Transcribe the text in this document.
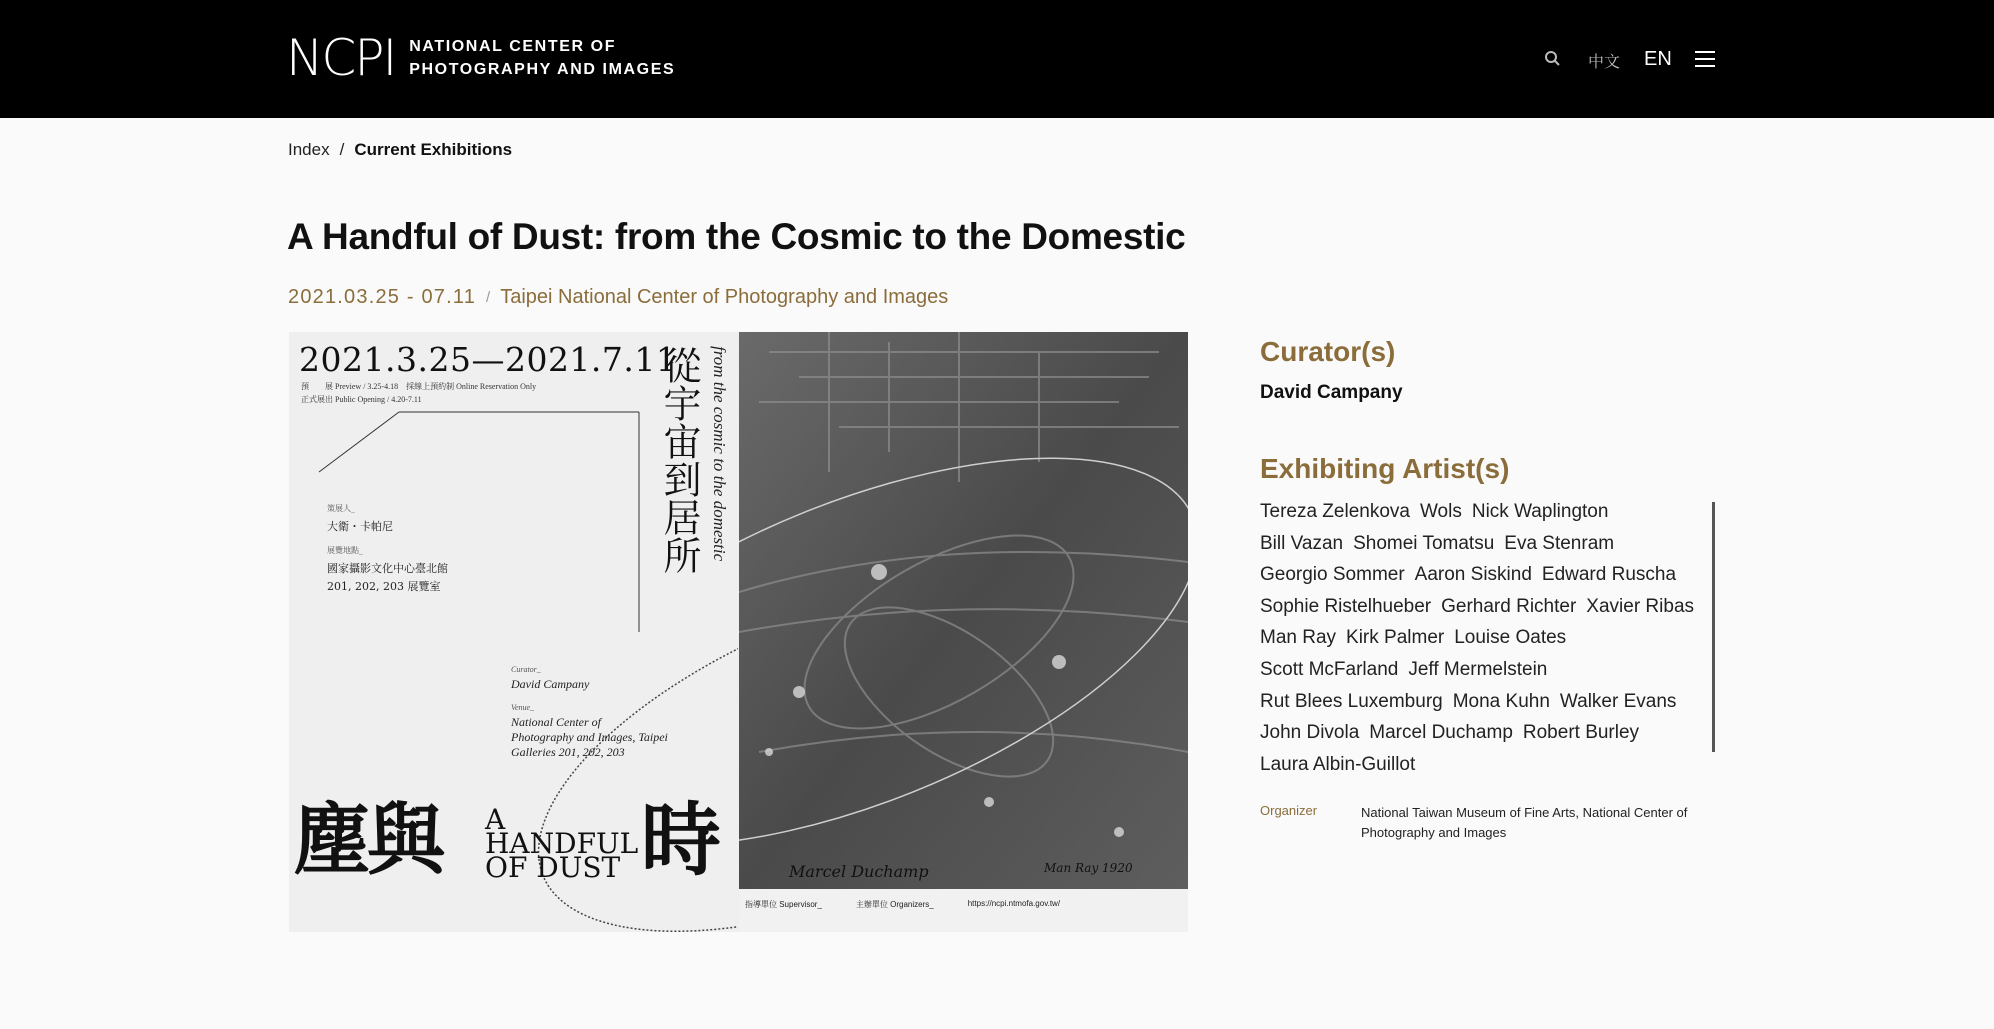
NCPI NATIONAL CENTER OF
PHOTOGRAPHY AND IMAGES	中文 EN
Index / Current Exhibitions
A Handful of Dust: from the Cosmic to the Domestic
2021.03.25 - 07.11 / Taipei National Center of Photography and Images
2021.3.25—2021.7.11
預　　展 Preview / 3.25-4.18　採線上預約制 Online Reservation Only
正式展出 Public Opening / 4.20-7.11	從宇宙到居所 from the cosmic to the domestic
策展人_
大衛・卡帕尼
展覽地點_
國家攝影文化中心臺北館
201, 202, 203 展覽室
Curator_
David Campany
Venue_
National Center of
Photography and Images, Taipei
Galleries 201, 202, 203
塵與 A
HANDFUL
OF DUST 時	Marcel Duchamp	Man Ray 1920
指導單位 Supervisor_	主辦單位 Organizers_	https://ncpi.ntmofa.gov.tw/
Curator(s)
David Campany
Exhibiting Artist(s)
Tereza Zelenkova Wols Nick Waplington
Bill Vazan Shomei Tomatsu Eva Stenram
Georgio Sommer Aaron Siskind Edward Ruscha
Sophie Ristelhueber Gerhard Richter Xavier Ribas
Man Ray Kirk Palmer Louise Oates
Scott McFarland Jeff Mermelstein
Rut Blees Luxemburg Mona Kuhn Walker Evans
John Divola Marcel Duchamp Robert Burley
Laura Albin-Guillot
Organizer	National Taiwan Museum of Fine Arts, National Center of Photography and Images
